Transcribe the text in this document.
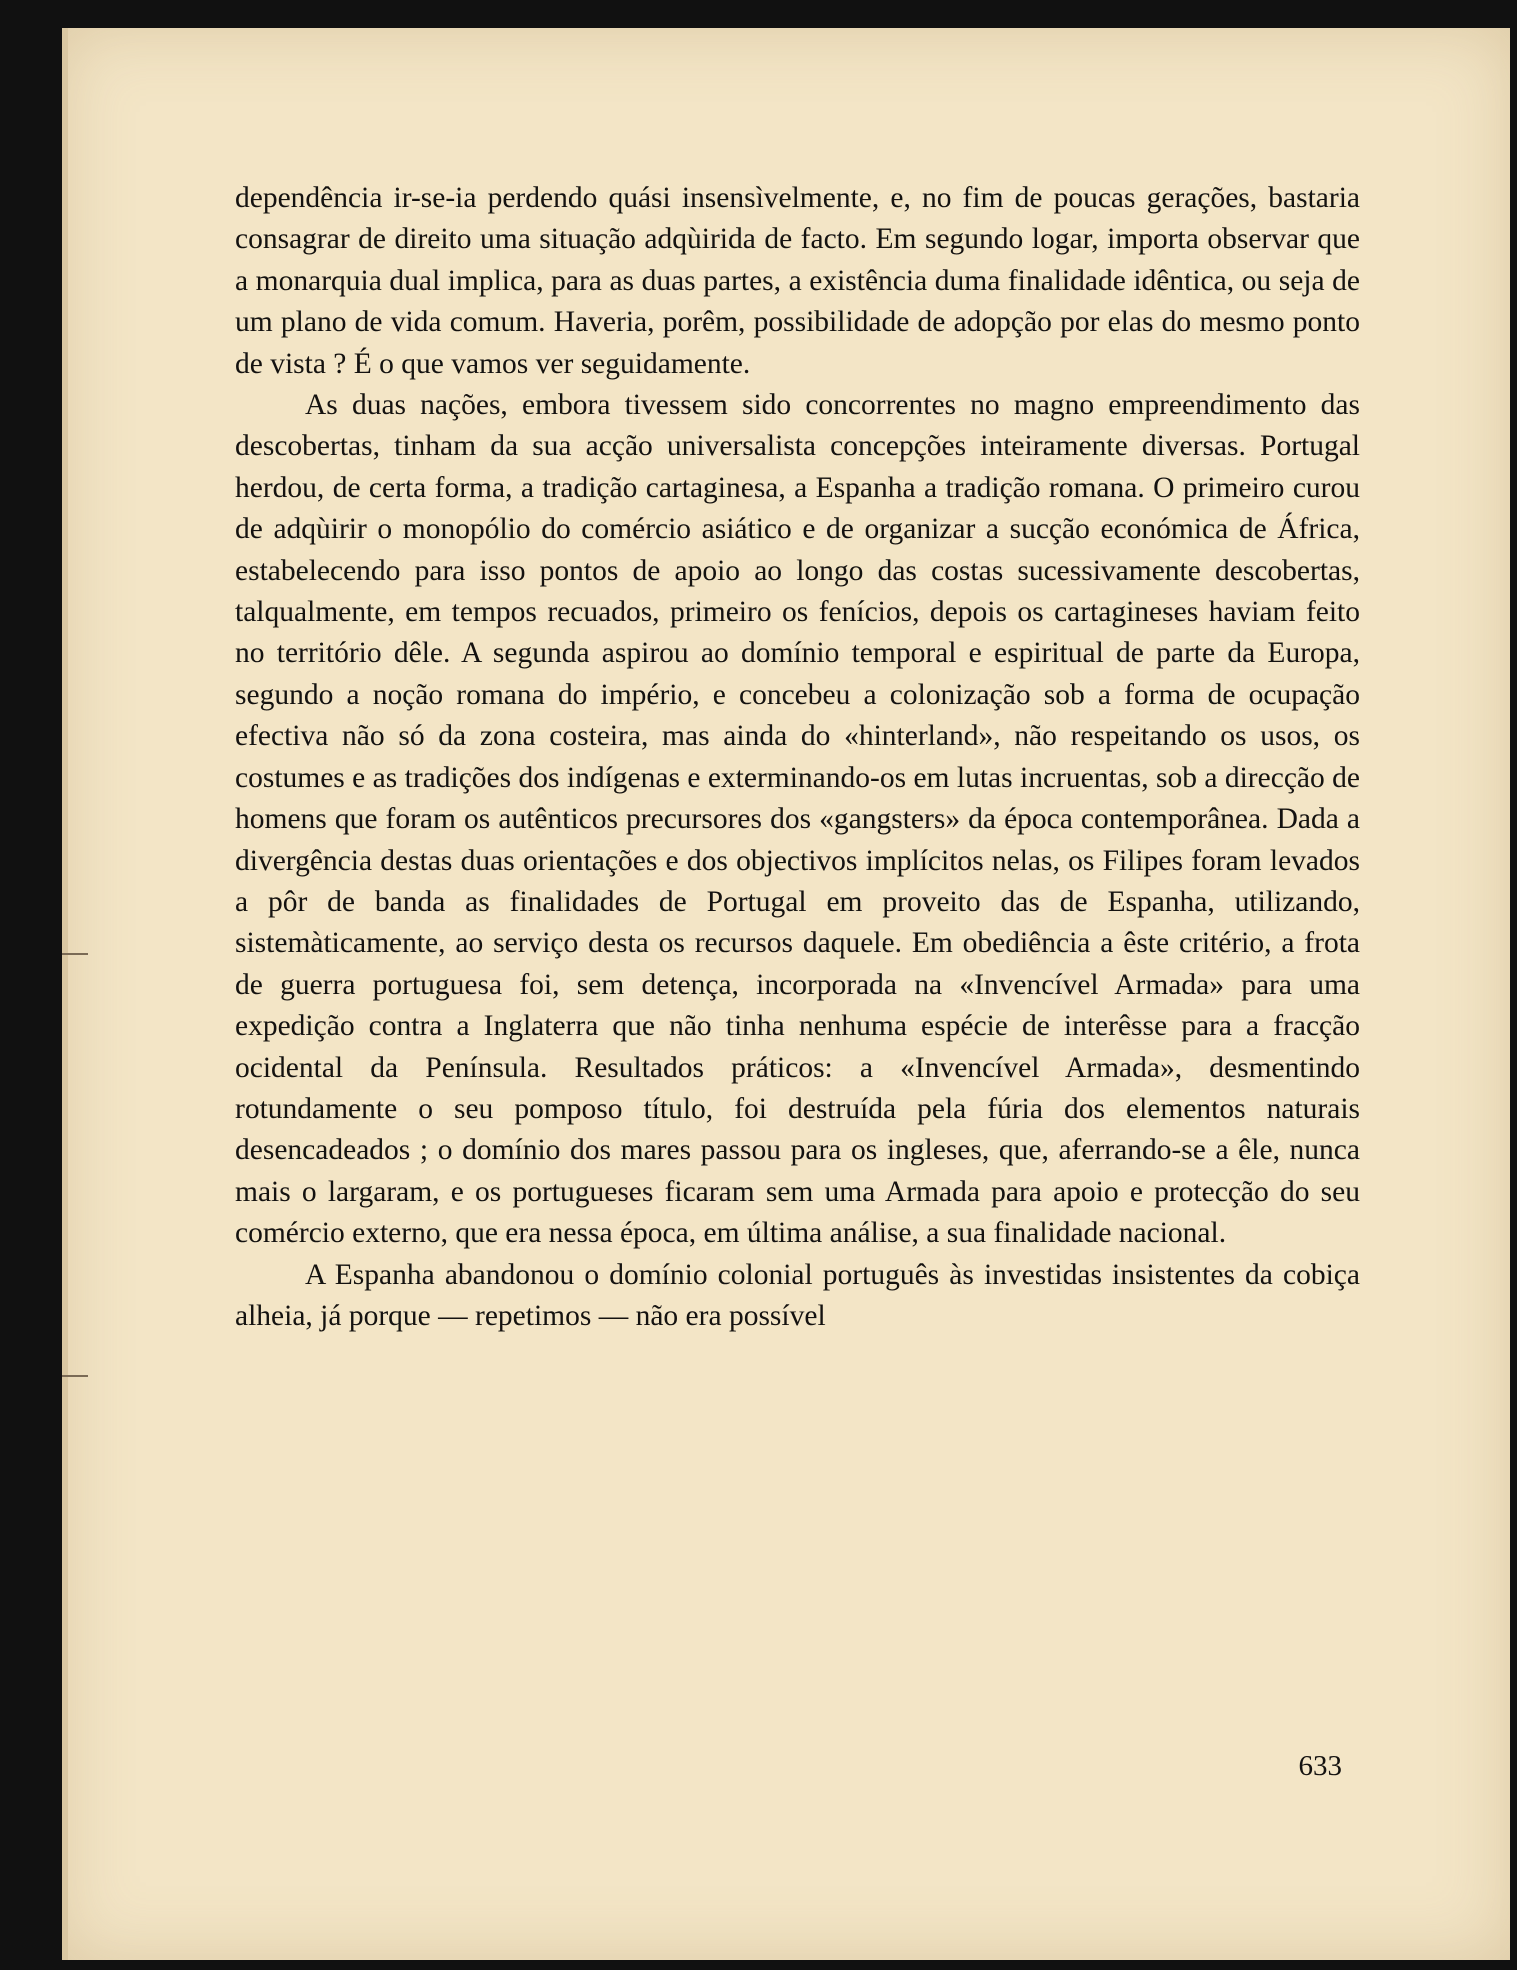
dependência ir-se-ia perdendo quási insensìvelmente, e, no fim de poucas gerações, bastaria consagrar de direito uma situação adqùirida de facto. Em segundo logar, importa observar que a monarquia dual implica, para as duas partes, a existência duma finalidade idêntica, ou seja de um plano de vida comum. Haveria, porêm, possibilidade de adopção por elas do mesmo ponto de vista ? É o que vamos ver seguidamente.

As duas nações, embora tivessem sido concorrentes no magno empreendimento das descobertas, tinham da sua acção universalista concepções inteiramente diversas. Portugal herdou, de certa forma, a tradição cartaginesa, a Espanha a tradição romana. O primeiro curou de adqùirir o monopólio do comércio asiático e de organizar a sucção económica de África, estabelecendo para isso pontos de apoio ao longo das costas sucessivamente descobertas, talqualmente, em tempos recuados, primeiro os fenícios, depois os cartagineses haviam feito no território dêle. A segunda aspirou ao domínio temporal e espiritual de parte da Europa, segundo a noção romana do império, e concebeu a colonização sob a forma de ocupação efectiva não só da zona costeira, mas ainda do «hinterland», não respeitando os usos, os costumes e as tradições dos indígenas e exterminando-os em lutas incruentas, sob a direcção de homens que foram os autênticos precursores dos «gangsters» da época contemporânea. Dada a divergência destas duas orientações e dos objectivos implícitos nelas, os Filipes foram levados a pôr de banda as finalidades de Portugal em proveito das de Espanha, utilizando, sistemàticamente, ao serviço desta os recursos daquele. Em obediência a êste critério, a frota de guerra portuguesa foi, sem detença, incorporada na «Invencível Armada» para uma expedição contra a Inglaterra que não tinha nenhuma espécie de interêsse para a fracção ocidental da Península. Resultados práticos: a «Invencível Armada», desmentindo rotundamente o seu pomposo título, foi destruída pela fúria dos elementos naturais desencadeados ; o domínio dos mares passou para os ingleses, que, aferrando-se a êle, nunca mais o largaram, e os portugueses ficaram sem uma Armada para apoio e protecção do seu comércio externo, que era nessa época, em última análise, a sua finalidade nacional.

A Espanha abandonou o domínio colonial português às investidas insistentes da cobiça alheia, já porque — repetimos — não era possível

633
